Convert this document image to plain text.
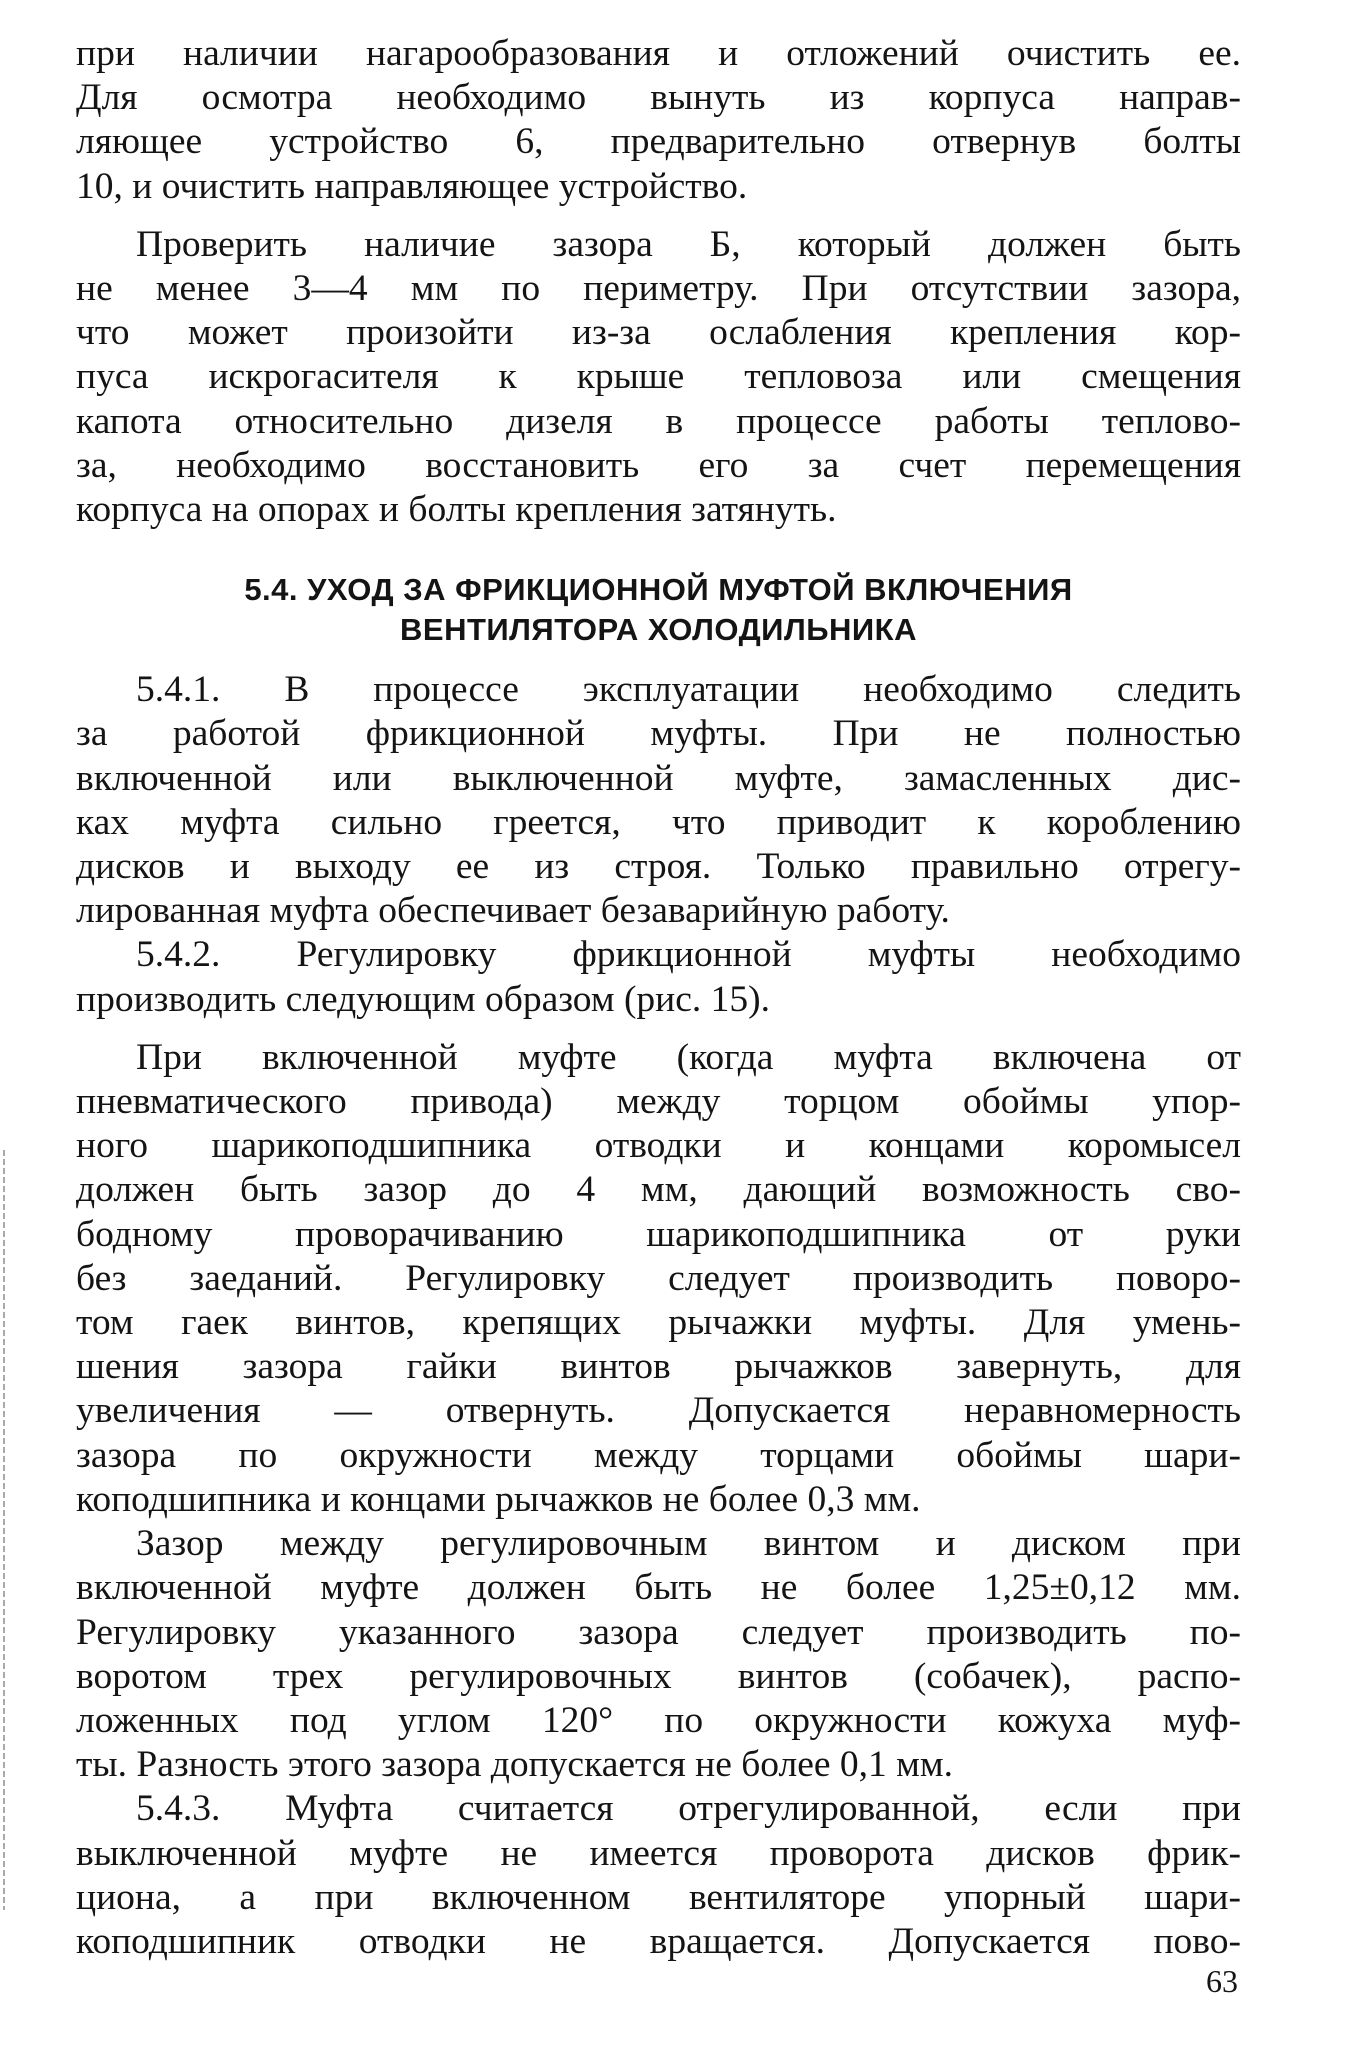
при наличии нагарообразования и отложений очистить ее.
Для осмотра необходимо вынуть из корпуса направ-
ляющее устройство 6, предварительно отвернув болты
10, и очистить направляющее устройство.
Проверить наличие зазора Б, который должен быть
не менее 3—4 мм по периметру. При отсутствии зазора,
что может произойти из-за ослабления крепления кор-
пуса искрогасителя к крыше тепловоза или смещения
капота относительно дизеля в процессе работы теплово-
за, необходимо восстановить его за счет перемещения
корпуса на опорах и болты крепления затянуть.
5.4. УХОД ЗА ФРИКЦИОННОЙ МУФТОЙ ВКЛЮЧЕНИЯ
ВЕНТИЛЯТОРА ХОЛОДИЛЬНИКА
5.4.1. В процессе эксплуатации необходимо следить
за работой фрикционной муфты. При не полностью
включенной или выключенной муфте, замасленных дис-
ках муфта сильно греется, что приводит к короблению
дисков и выходу ее из строя. Только правильно отрегу-
лированная муфта обеспечивает безаварийную работу.
5.4.2. Регулировку фрикционной муфты необходимо
производить следующим образом (рис. 15).
При включенной муфте (когда муфта включена от
пневматического привода) между торцом обоймы упор-
ного шарикоподшипника отводки и концами коромысел
должен быть зазор до 4 мм, дающий возможность сво-
бодному проворачиванию шарикоподшипника от руки
без заеданий. Регулировку следует производить поворо-
том гаек винтов, крепящих рычажки муфты. Для умень-
шения зазора гайки винтов рычажков завернуть, для
увеличения — отвернуть. Допускается неравномерность
зазора по окружности между торцами обоймы шари-
коподшипника и концами рычажков не более 0,3 мм.
Зазор между регулировочным винтом и диском при
включенной муфте должен быть не более 1,25±0,12 мм.
Регулировку указанного зазора следует производить по-
воротом трех регулировочных винтов (собачек), распо-
ложенных под углом 120° по окружности кожуха муф-
ты. Разность этого зазора допускается не более 0,1 мм.
5.4.3. Муфта считается отрегулированной, если при
выключенной муфте не имеется проворота дисков фрик-
циона, а при включенном вентиляторе упорный шари-
коподшипник отводки не вращается. Допускается пово-
63
